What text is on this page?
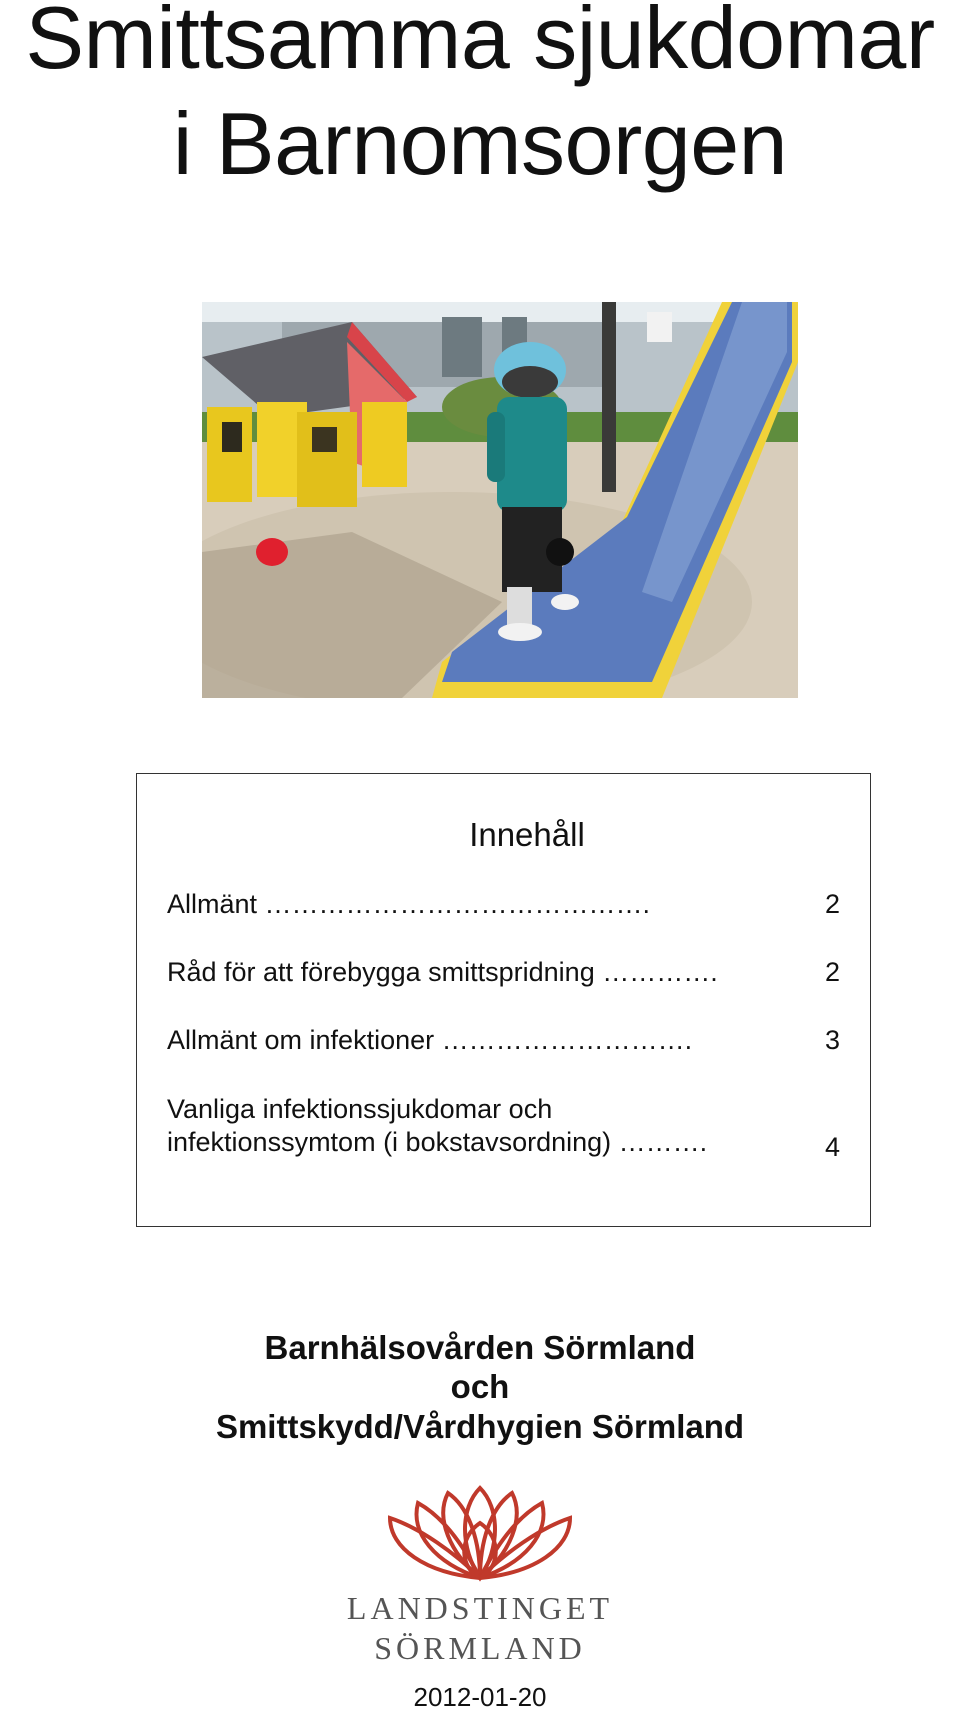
Smittsamma sjukdomar
i Barnomsorgen
Innehåll
Allmänt …………………………………….	2
Råd för att förebygga smittspridning ………….	2
Allmänt om infektioner ……………………….	3
Vanliga infektionssjukdomar och
infektionssymtom (i bokstavsordning) ……….	4
Barnhälsovården Sörmland
och
Smittskydd/Vårdhygien Sörmland
LANDSTINGET
SÖRMLAND
2012-01-20
